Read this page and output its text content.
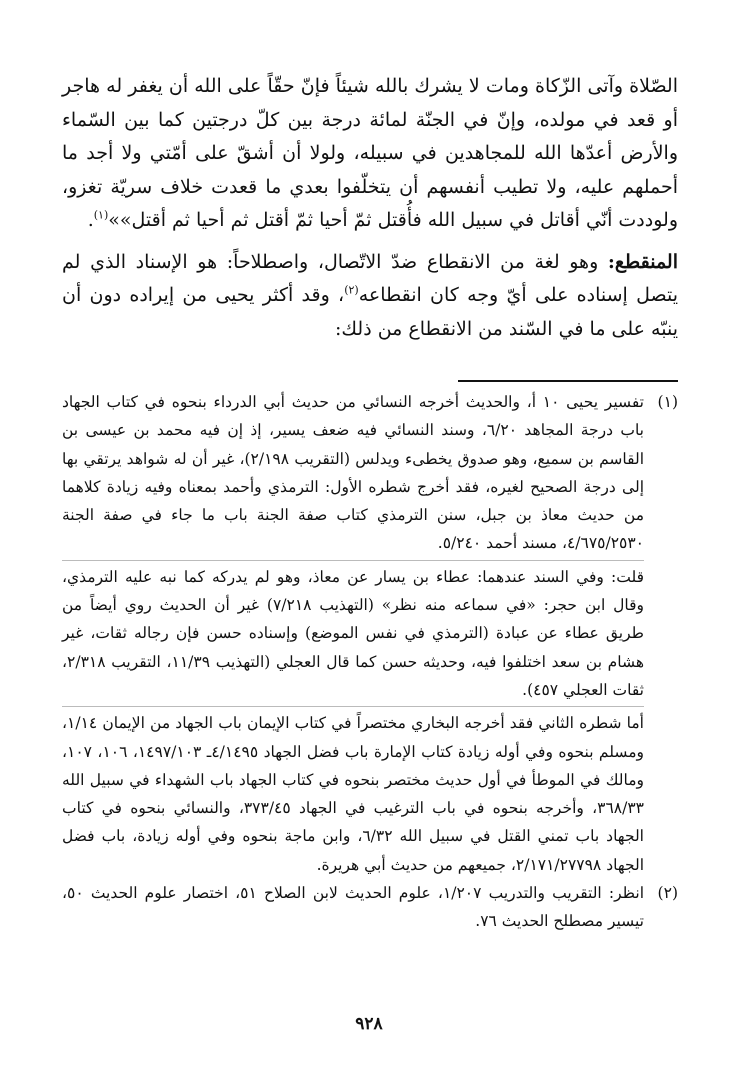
الصّلاة وآتى الزّكاة ومات لا يشرك بالله شيئاً فإنّ حقّاً على الله أن يغفر له هاجر أو قعد في مولده، وإنّ في الجنّة لمائة درجة بين كلّ درجتين كما بين السّماء والأرض أعدّها الله للمجاهدين في سبيله، ولولا أن أشقّ على أمّتي ولا أجد ما أحملهم عليه، ولا تطيب أنفسهم أن يتخلّفوا بعدي ما قعدت خلاف سريّة تغزو، ولوددت أنّي أقاتل في سبيل الله فأُقتل ثمّ أحيا ثمّ أقتل ثم أحيا ثم أقتل»»$^{(١)}$.

المنقطع: وهو لغة من الانقطاع ضدّ الاتّصال، واصطلاحاً: هو الإسناد الذي لم يتصل إسناده على أيّ وجه كان انقطاعه$^{(٢)}$، وقد أكثر يحيى من إيراده دون أن ينبّه على ما في السّند من الانقطاع من ذلك:

(١)

تفسير يحيى ١٠ أ، والحديث أخرجه النسائي من حديث أبي الدرداء بنحوه في كتاب الجهاد باب درجة المجاهد ٦/٢٠، وسند النسائي فيه ضعف يسير، إذ إن فيه محمد بن عيسى بن القاسم بن سميع، وهو صدوق يخطىء ويدلس (التقريب ٢/١٩٨)، غير أن له شواهد يرتقي بها إلى درجة الصحيح لغيره، فقد أخرج شطره الأول: الترمذي وأحمد بمعناه وفيه زيادة كلاهما من حديث معاذ بن جبل، سنن الترمذي كتاب صفة الجنة باب ما جاء في صفة الجنة ٤/٦٧٥/٢٥٣٠، مسند أحمد ٥/٢٤٠.

قلت: وفي السند عندهما: عطاء بن يسار عن معاذ، وهو لم يدركه كما نبه عليه الترمذي، وقال ابن حجر: «في سماعه منه نظر» (التهذيب ٧/٢١٨) غير أن الحديث روي أيضاً من طريق عطاء عن عبادة (الترمذي في نفس الموضع) وإسناده حسن فإن رجاله ثقات، غير هشام بن سعد اختلفوا فيه، وحديثه حسن كما قال العجلي (التهذيب ١١/٣٩، التقريب ٢/٣١٨، ثقات العجلي ٤٥٧).

أما شطره الثاني فقد أخرجه البخاري مختصراً في كتاب الإيمان باب الجهاد من الإيمان ١/١٤، ومسلم بنحوه وفي أوله زيادة كتاب الإمارة باب فضل الجهاد ٤/١٤٩٥ـ ١٤٩٧/١٠٣، ١٠٦، ١٠٧، ومالك في الموطأ في أول حديث مختصر بنحوه في كتاب الجهاد باب الشهداء في سبيل الله ٣٦٨/٣٣، وأخرجه بنحوه في باب الترغيب في الجهاد ٣٧٣/٤٥، والنسائي بنحوه في كتاب الجهاد باب تمني القتل في سبيل الله ٦/٣٢، وابن ماجة بنحوه وفي أوله زيادة، باب فضل الجهاد ٢/١٧١/٢٧٧٩٨، جميعهم من حديث أبي هريرة.

(٢)

انظر: التقريب والتدريب ١/٢٠٧، علوم الحديث لابن الصلاح ٥١، اختصار علوم الحديث ٥٠، تيسير مصطلح الحديث ٧٦.

٩٢٨
